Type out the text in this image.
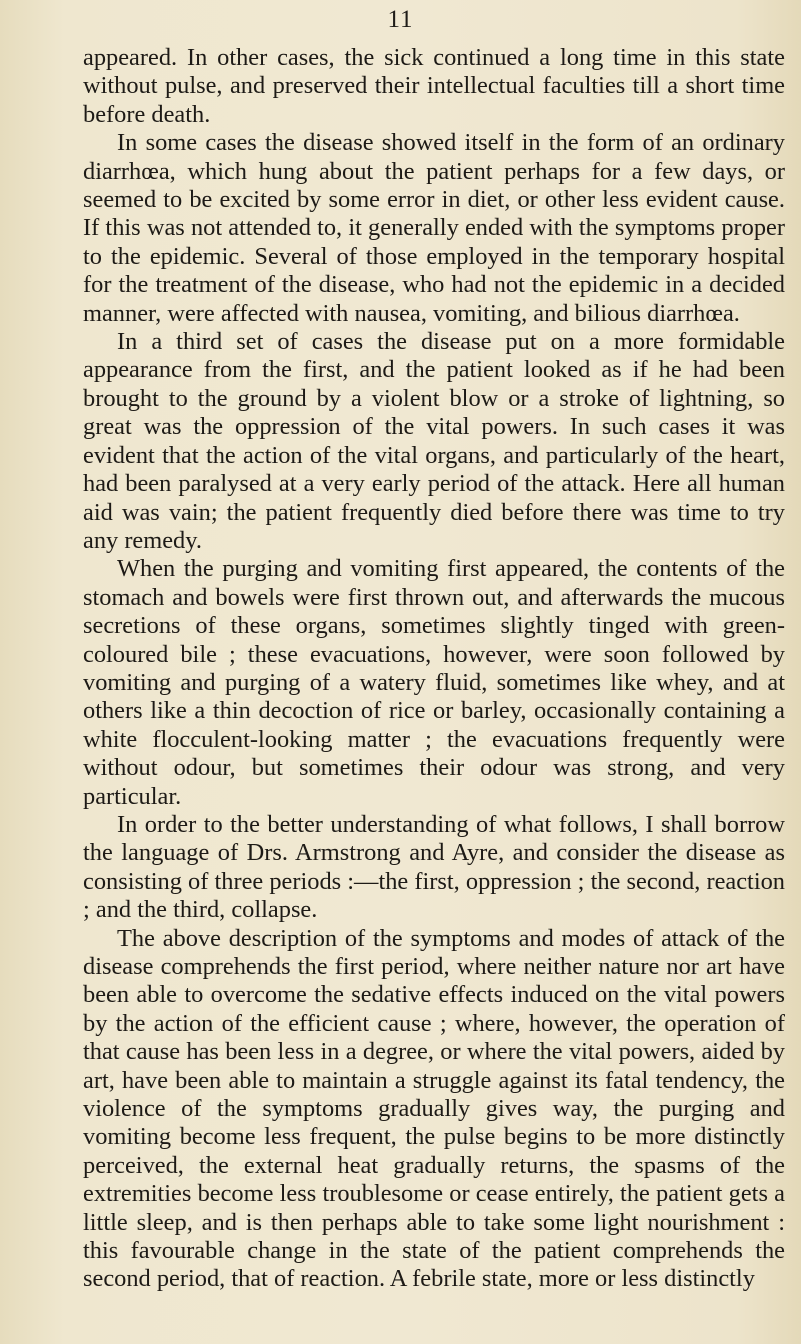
11

appeared. In other cases, the sick continued a long time in this state without pulse, and preserved their intellectual faculties till a short time before death.

In some cases the disease showed itself in the form of an ordinary diarrhœa, which hung about the patient perhaps for a few days, or seemed to be excited by some error in diet, or other less evident cause. If this was not attended to, it generally ended with the symptoms proper to the epidemic. Several of those employed in the temporary hospital for the treatment of the disease, who had not the epidemic in a decided manner, were affected with nausea, vomiting, and bilious diarrhœa.

In a third set of cases the disease put on a more formidable appearance from the first, and the patient looked as if he had been brought to the ground by a violent blow or a stroke of lightning, so great was the oppression of the vital powers. In such cases it was evident that the action of the vital organs, and particularly of the heart, had been paralysed at a very early period of the attack. Here all human aid was vain; the patient frequently died before there was time to try any remedy.

When the purging and vomiting first appeared, the contents of the stomach and bowels were first thrown out, and afterwards the mucous secretions of these organs, sometimes slightly tinged with green-coloured bile ; these evacuations, however, were soon followed by vomiting and purging of a watery fluid, sometimes like whey, and at others like a thin decoction of rice or barley, occasionally containing a white flocculent-looking matter ; the evacuations frequently were without odour, but sometimes their odour was strong, and very particular.

In order to the better understanding of what follows, I shall borrow the language of Drs. Armstrong and Ayre, and consider the disease as consisting of three periods :—the first, oppression ; the second, reaction ; and the third, collapse.

The above description of the symptoms and modes of attack of the disease comprehends the first period, where neither nature nor art have been able to overcome the sedative effects induced on the vital powers by the action of the efficient cause ; where, however, the operation of that cause has been less in a degree, or where the vital powers, aided by art, have been able to maintain a struggle against its fatal tendency, the violence of the symptoms gradually gives way, the purging and vomiting become less frequent, the pulse begins to be more distinctly perceived, the external heat gradually returns, the spasms of the extremities become less troublesome or cease entirely, the patient gets a little sleep, and is then perhaps able to take some light nourishment : this favourable change in the state of the patient comprehends the second period, that of reaction. A febrile state, more or less distinctly
